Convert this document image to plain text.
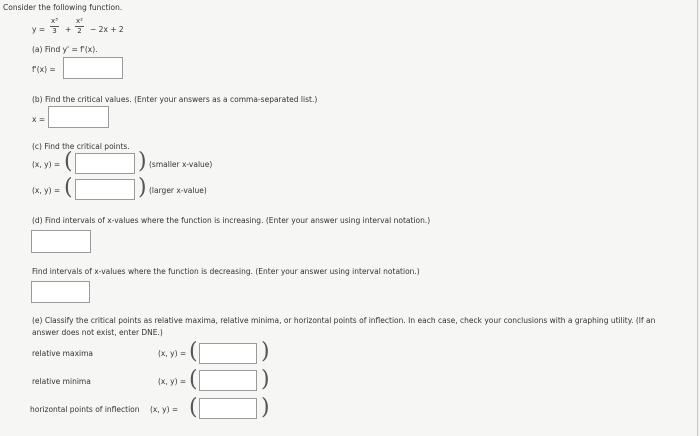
Consider the following function.
$y = \frac{\text{x³}}{3} + \frac{\text{x²}}{2} - 2x + 2$
(a) Find y' = f'(x).
f'(x) =
(b) Find the critical values. (Enter your answers as a comma-separated list.)
x =
(c) Find the critical points.
(x, y) = (	) (smaller x-value)
(x, y) = (	) (larger x-value)
(d) Find intervals of x-values where the function is increasing. (Enter your answer using interval notation.)
Find intervals of x-values where the function is decreasing. (Enter your answer using interval notation.)
(e) Classify the critical points as relative maxima, relative minima, or horizontal points of inflection. In each case, check your conclusions with a graphing utility. (If an
answer does not exist, enter DNE.)
relative maxima	(x, y) = (	)
relative minima	(x, y) = (	)
horizontal points of inflection (x, y) = (	)
